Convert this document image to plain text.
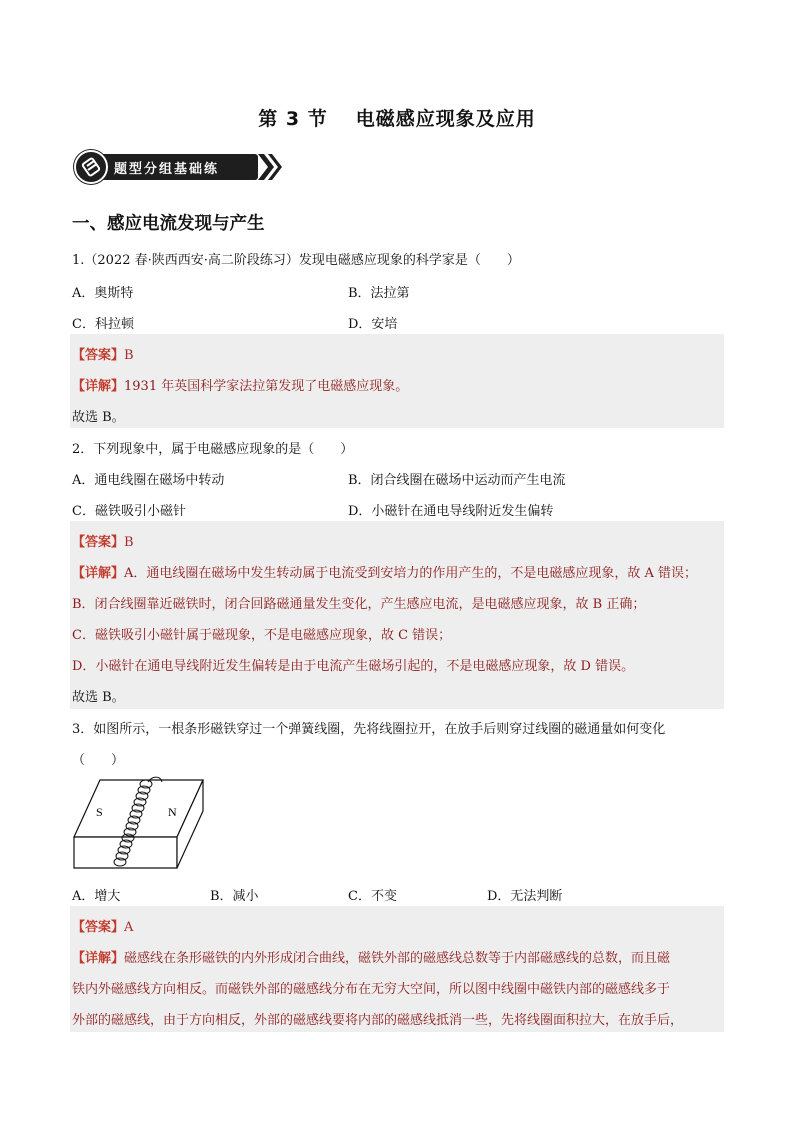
第 3 节 电磁感应现象及应用
题型分组基础练
一、感应电流发现与产生
1.（2022 春·陕西西安·高二阶段练习）发现电磁感应现象的科学家是（　　）
A．奥斯特	B．法拉第
C．科拉顿	D．安培
【答案】B
【详解】1931 年英国科学家法拉第发现了电磁感应现象。
故选 B。
2．下列现象中，属于电磁感应现象的是（　　）
A．通电线圈在磁场中转动	B．闭合线圈在磁场中运动而产生电流
C．磁铁吸引小磁针	D．小磁针在通电导线附近发生偏转
【答案】B
【详解】A．通电线圈在磁场中发生转动属于电流受到安培力的作用产生的，不是电磁感应现象，故 A 错误；
B．闭合线圈靠近磁铁时，闭合回路磁通量发生变化，产生感应电流，是电磁感应现象，故 B 正确；
C．磁铁吸引小磁针属于磁现象，不是电磁感应现象，故 C 错误；
D．小磁针在通电导线附近发生偏转是由于电流产生磁场引起的，不是电磁感应现象，故 D 错误。
故选 B。
3．如图所示，一根条形磁铁穿过一个弹簧线圈，先将线圈拉开，在放手后则穿过线圈的磁通量如何变化
（　　）
S	N
A．增大	B．减小	C．不变	D．无法判断
【答案】A
【详解】磁感线在条形磁铁的内外形成闭合曲线，磁铁外部的磁感线总数等于内部磁感线的总数，而且磁
铁内外磁感线方向相反。而磁铁外部的磁感线分布在无穷大空间，所以图中线圈中磁铁内部的磁感线多于
外部的磁感线，由于方向相反，外部的磁感线要将内部的磁感线抵消一些，先将线圈面积拉大，在放手后，
